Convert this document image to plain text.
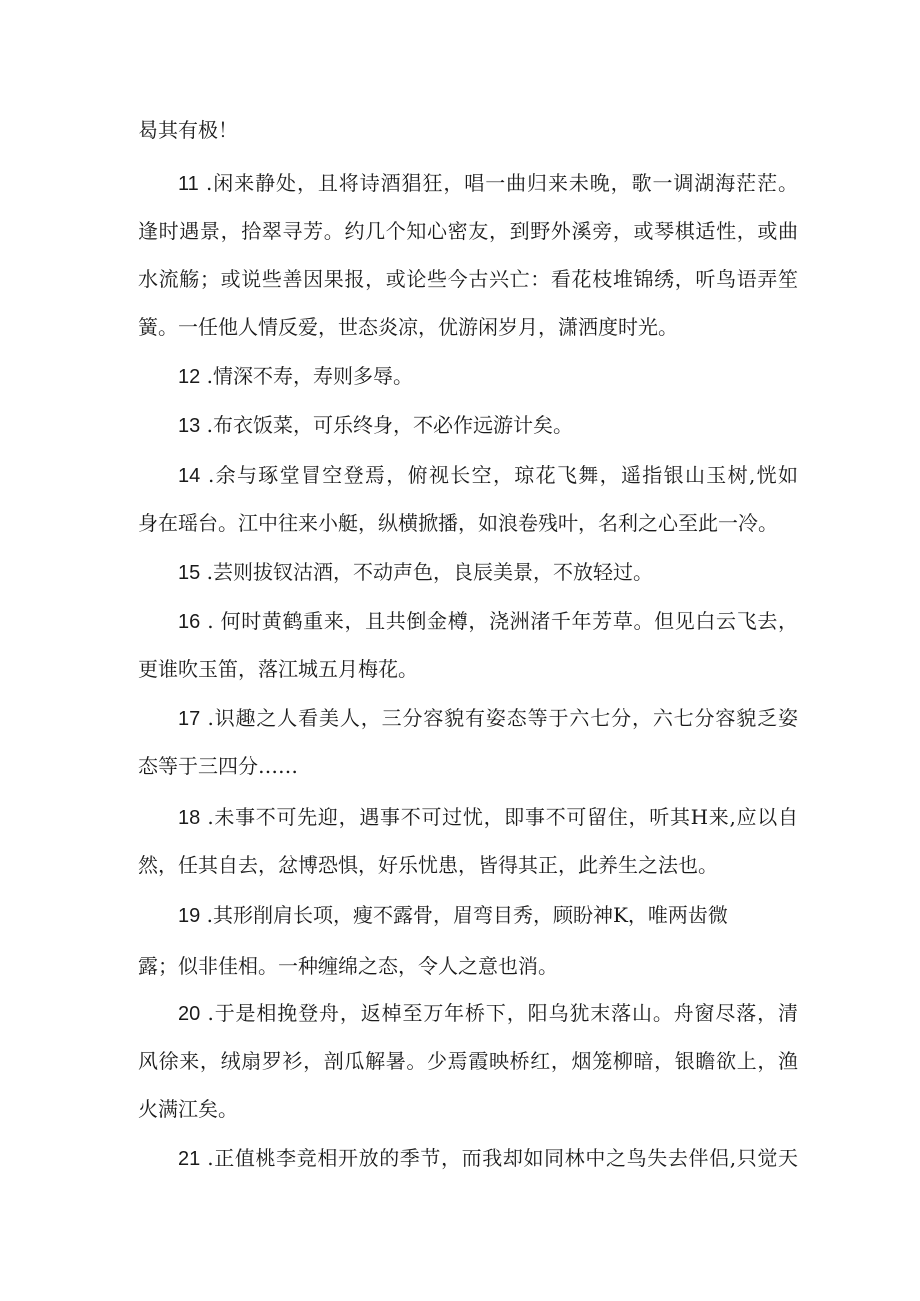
曷其有极！
11 .闲来静处，且将诗酒猖狂，唱一曲归来未晚，歌一调湖海茫茫。
逢时遇景，拾翠寻芳。约几个知心密友，到野外溪旁，或琴棋适性，或曲
水流觞；或说些善因果报，或论些今古兴亡：看花枝堆锦绣，听鸟语弄笙
簧。一任他人情反爱，世态炎凉，优游闲岁月，潇洒度时光。
12 .情深不寿，寿则多辱。
13 .布衣饭菜，可乐终身，不必作远游计矣。
14 .余与琢堂冒空登焉，俯视长空，琼花飞舞，遥指银山玉树,恍如
身在瑶台。江中往来小艇，纵横掀播，如浪卷残叶，名利之心至此一冷。
15 .芸则拔钗沽酒，不动声色，良辰美景，不放轻过。
16 . 何时黄鹤重来，且共倒金樽，浇洲渚千年芳草。但见白云飞去，
更谁吹玉笛，落江城五月梅花。
17 .识趣之人看美人，三分容貌有姿态等于六七分，六七分容貌乏姿
态等于三四分……
18 .未事不可先迎，遇事不可过忧，即事不可留住，听其H来,应以自
然，任其自去，忿博恐惧，好乐忧患，皆得其正，此养生之法也。
19 .其形削肩长项，瘦不露骨，眉弯目秀，顾盼神K，唯两齿微
露；似非佳相。一种缠绵之态，令人之意也消。
20 .于是相挽登舟，返棹至万年桥下，阳乌犹末落山。舟窗尽落，清
风徐来，绒扇罗衫，剖瓜解暑。少焉霞映桥红，烟笼柳暗，银瞻欲上，渔
火满江矣。
21 .正值桃李竞相开放的季节，而我却如同林中之鸟失去伴侣,只觉天
